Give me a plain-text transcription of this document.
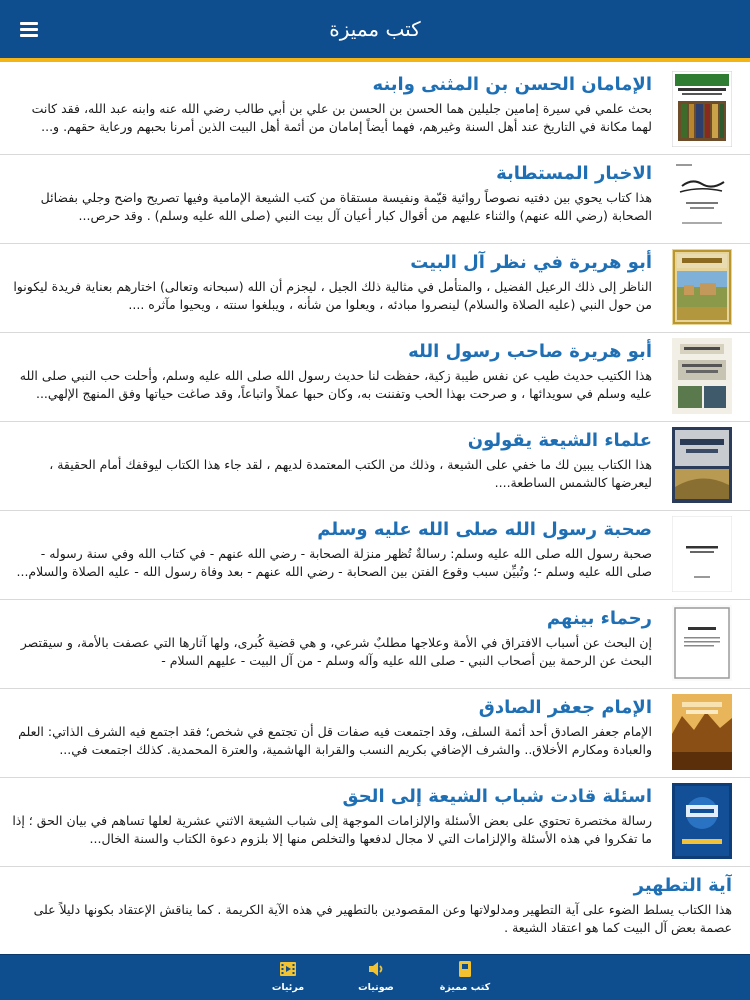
كتب مميزة
الإمامان الحسن بن المثنى وابنه
بحث علمي في سيرة إمامين جليلين هما الحسن بن الحسن بن علي بن أبي طالب رضي الله عنه وابنه عبد الله، فقد كانت لهما مكانة في التاريخ عند أهل السنة وغيرهم، فهما أيضاً إمامان من أئمة أهل البيت الذين أمرنا بحبهم ورعاية حقهم. و...
الاخبار المستطابة
هذا كتاب يحوي بين دفتيه نصوصاً روائية قيّمة ونفيسة مستقاة من كتب الشيعة الإمامية وفيها تصريح واضح وجلي بفضائل الصحابة (رضي الله عنهم) والثناء عليهم من أقوال كبار أعيان آل بيت النبي (صلى الله عليه وسلم) . وقد حرص...
أبو هريرة في نظر آل البيت
الناظر إلى ذلك الرعيل الفضيل ، والمتأمل في مثالية ذلك الجيل ، ليجزم أن الله (سبحانه وتعالى) اختارهم بعناية فريدة ليكونوا من حول النبي (عليه الصلاة والسلام) لينصروا مبادئه ، ويعلوا من شأنه ، ويبلغوا سنته ، ويحيوا مآثره ....
أبو هريرة صاحب رسول الله
هذا الكتيب حديث طيب عن نفس طيبة زكية، حفظت لنا حديث رسول الله صلى الله عليه وسلم، وأحلت حب النبي صلى الله عليه وسلم في سويدائها ، و صرحت بهذا الحب وتفننت به، وكان حبها عملاً واتباعاً، وقد صاغت حياتها وفق المنهج الإلهي...
علماء الشيعة يقولون
هذا الكتاب يبين لك ما خفي على الشيعة ، وذلك من الكتب المعتمدة لديهم ، لقد جاء هذا الكتاب ليوقفك أمام الحقيقة ، ليعرضها كالشمس الساطعة....
صحبة رسول الله صلى الله عليه وسلم
صحبة رسول الله صلى الله عليه وسلم: رسالةٌ تُظهر منزلة الصحابة - رضي الله عنهم - في كتاب الله وفي سنة رسوله - صلى الله عليه وسلم -؛ وتُبيِّن سبب وقوع الفتن بين الصحابة - رضي الله عنهم - بعد وفاة رسول الله - عليه الصلاة والسلام...
رحماء بينهم
إن البحث عن أسباب الافتراق في الأمة وعلاجها مطلبٌ شرعي، و هي قضية كُبرى، ولها آثارها التي عصفت بالأمة، و سيقتصر البحث عن الرحمة بين أصحاب النبي - صلى الله عليه وآله وسلم - من آل البيت - عليهم السلام -
الإمام جعفر الصادق
الإمام جعفر الصادق أحد أئمة السلف، وقد اجتمعت فيه صفات قل أن تجتمع في شخص؛ فقد اجتمع فيه الشرف الذاتي: العلم والعبادة ومكارم الأخلاق.. والشرف الإضافي بكريم النسب والقرابة الهاشمية، والعترة المحمدية. كذلك اجتمعت في...
اسئلة قادت شباب الشيعة إلى الحق
رسالة مختصرة تحتوي على بعض الأسئلة والإلزامات الموجهة إلى شباب الشيعة الاثني عشرية لعلها تساهم في بيان الحق ؛ إذا ما تفكروا في هذه الأسئلة والإلزامات التي لا مجال لدفعها والتخلص منها إلا بلزوم دعوة الكتاب والسنة الخال...
آية التطهير
هذا الكتاب يسلط الضوء على آية التطهير ومدلولاتها وعن المقصودين بالتطهير في هذه الآية الكريمة . كما يناقش الإعتقاد بكونها دليلاً على عصمة بعض آل البيت كما هو اعتقاد الشيعة .
كتب مميزة
صوتيات
مرئيات
